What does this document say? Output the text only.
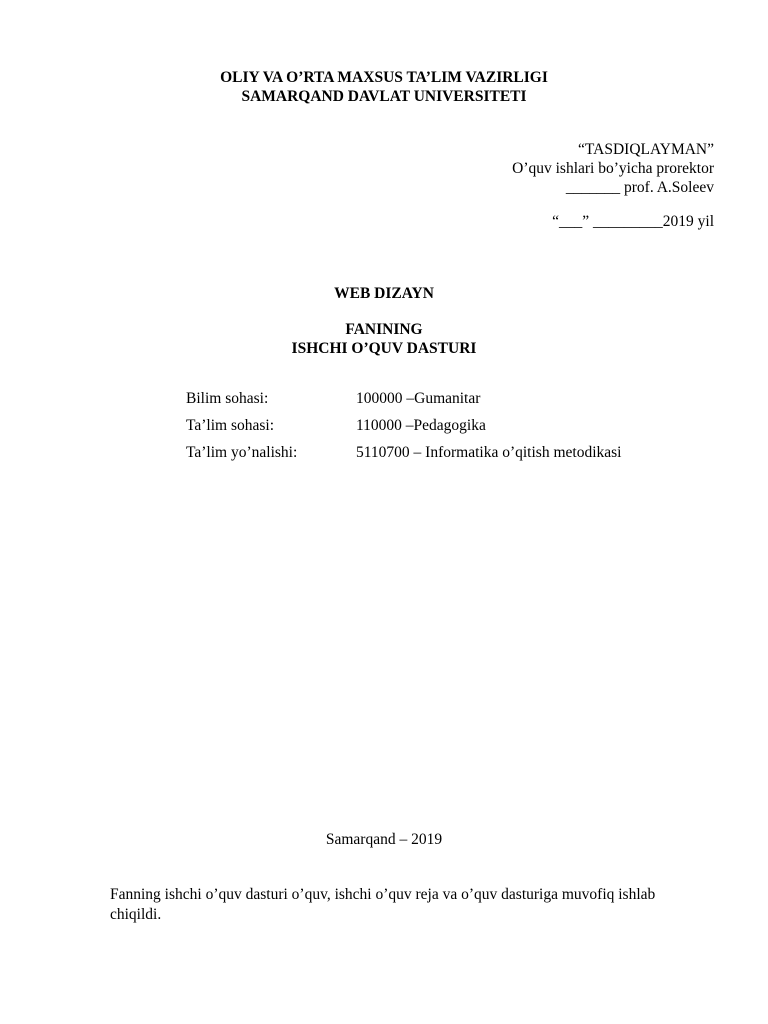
OLIY VA O’RTA MAXSUS TA’LIM VAZIRLIGI
SAMARQAND DAVLAT UNIVERSITETI
“TASDIQLAYMAN”
O’quv ishlari bo’yicha prorektor
_______ prof. A.Soleev
“___” _________2019 yil
WEB DIZAYN
FANINING
ISHCHI O’QUV DASTURI
Bilim sohasi:	100000 –Gumanitar
Ta’lim sohasi:	110000 –Pedagogika
Ta’lim yo’nalishi:	5110700 – Informatika o’qitish metodikasi
Samarqand – 2019
Fanning ishchi o’quv dasturi o’quv, ishchi o’quv reja va o’quv dasturiga muvofiq ishlab chiqildi.
